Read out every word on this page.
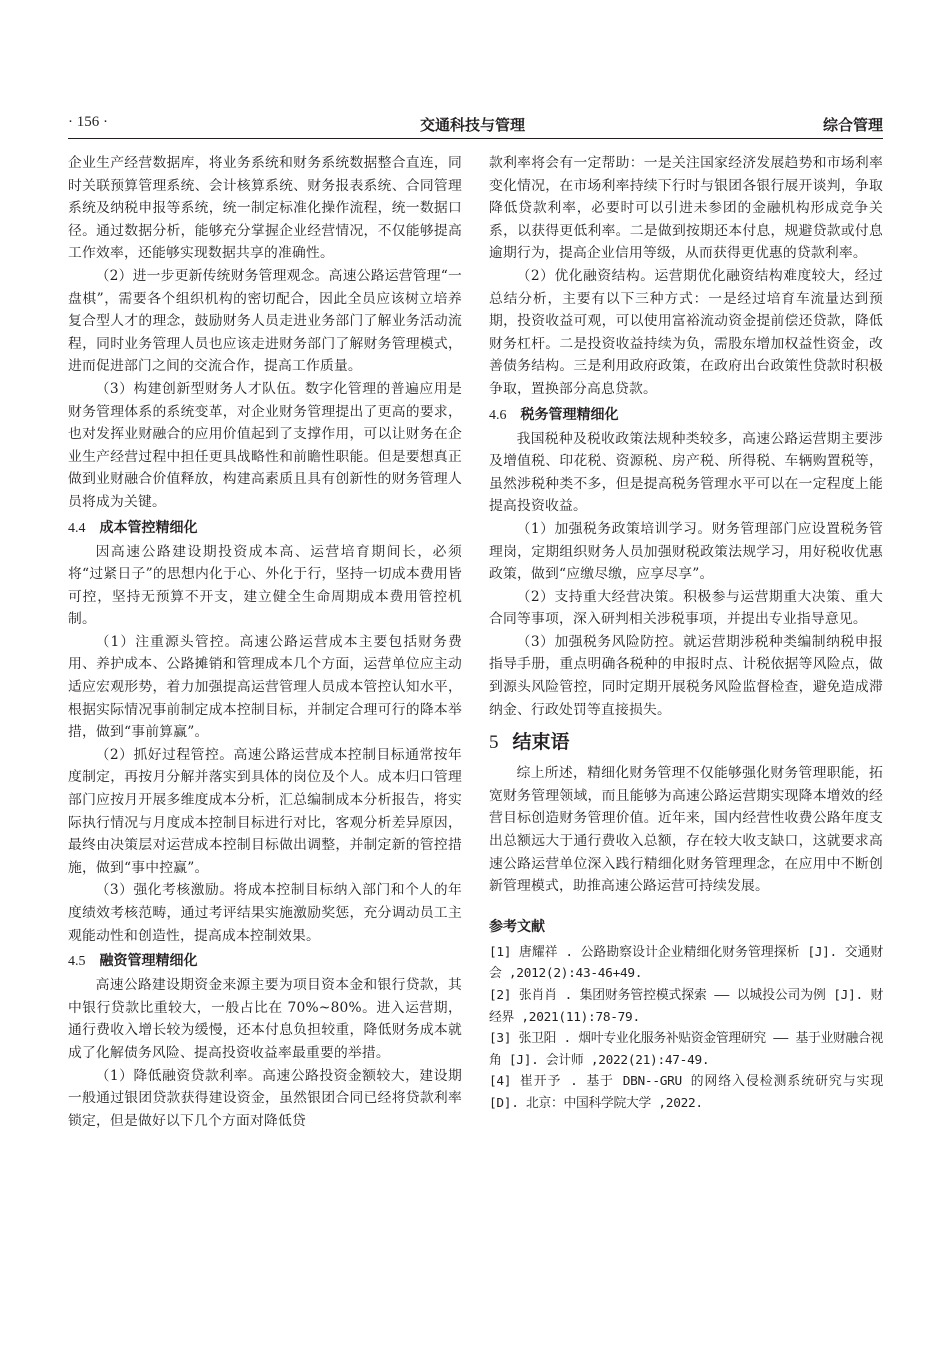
· 156 ·	交通科技与管理	综合管理

企业生产经营数据库，将业务系统和财务系统数据整合直连，同时关联预算管理系统、会计核算系统、财务报表系统、合同管理系统及纳税申报等系统，统一制定标准化操作流程，统一数据口径。通过数据分析，能够充分掌握企业经营情况，不仅能够提高工作效率，还能够实现数据共享的准确性。

（2）进一步更新传统财务管理观念。高速公路运营管理“一盘棋”，需要各个组织机构的密切配合，因此全员应该树立培养复合型人才的理念，鼓励财务人员走进业务部门了解业务活动流程，同时业务管理人员也应该走进财务部门了解财务管理模式，进而促进部门之间的交流合作，提高工作质量。

（3）构建创新型财务人才队伍。数字化管理的普遍应用是财务管理体系的系统变革，对企业财务管理提出了更高的要求，也对发挥业财融合的应用价值起到了支撑作用，可以让财务在企业生产经营过程中担任更具战略性和前瞻性职能。但是要想真正做到业财融合价值释放，构建高素质且具有创新性的财务管理人员将成为关键。

4.4 成本管控精细化

因高速公路建设期投资成本高、运营培育期间长，必须将“过紧日子”的思想内化于心、外化于行，坚持一切成本费用皆可控，坚持无预算不开支，建立健全生命周期成本费用管控机制。

（1）注重源头管控。高速公路运营成本主要包括财务费用、养护成本、公路摊销和管理成本几个方面，运营单位应主动适应宏观形势，着力加强提高运营管理人员成本管控认知水平，根据实际情况事前制定成本控制目标，并制定合理可行的降本举措，做到“事前算赢”。

（2）抓好过程管控。高速公路运营成本控制目标通常按年度制定，再按月分解并落实到具体的岗位及个人。成本归口管理部门应按月开展多维度成本分析，汇总编制成本分析报告，将实际执行情况与月度成本控制目标进行对比，客观分析差异原因，最终由决策层对运营成本控制目标做出调整，并制定新的管控措施，做到“事中控赢”。

（3）强化考核激励。将成本控制目标纳入部门和个人的年度绩效考核范畴，通过考评结果实施激励奖惩，充分调动员工主观能动性和创造性，提高成本控制效果。

4.5 融资管理精细化

高速公路建设期资金来源主要为项目资本金和银行贷款，其中银行贷款比重较大，一般占比在 70%~80%。进入运营期，通行费收入增长较为缓慢，还本付息负担较重，降低财务成本就成了化解债务风险、提高投资收益率最重要的举措。

（1）降低融资贷款利率。高速公路投资金额较大，建设期一般通过银团贷款获得建设资金，虽然银团合同已经将贷款利率锁定，但是做好以下几个方面对降低贷

款利率将会有一定帮助：一是关注国家经济发展趋势和市场利率变化情况，在市场利率持续下行时与银团各银行展开谈判，争取降低贷款利率，必要时可以引进未参团的金融机构形成竞争关系，以获得更低利率。二是做到按期还本付息，规避贷款或付息逾期行为，提高企业信用等级，从而获得更优惠的贷款利率。

（2）优化融资结构。运营期优化融资结构难度较大，经过总结分析，主要有以下三种方式：一是经过培育车流量达到预期，投资收益可观，可以使用富裕流动资金提前偿还贷款，降低财务杠杆。二是投资收益持续为负，需股东增加权益性资金，改善债务结构。三是利用政府政策，在政府出台政策性贷款时积极争取，置换部分高息贷款。

4.6 税务管理精细化

我国税种及税收政策法规种类较多，高速公路运营期主要涉及增值税、印花税、资源税、房产税、所得税、车辆购置税等，虽然涉税种类不多，但是提高税务管理水平可以在一定程度上能提高投资收益。

（1）加强税务政策培训学习。财务管理部门应设置税务管理岗，定期组织财务人员加强财税政策法规学习，用好税收优惠政策，做到“应缴尽缴，应享尽享”。

（2）支持重大经营决策。积极参与运营期重大决策、重大合同等事项，深入研判相关涉税事项，并提出专业指导意见。

（3）加强税务风险防控。就运营期涉税种类编制纳税申报指导手册，重点明确各税种的申报时点、计税依据等风险点，做到源头风险管控，同时定期开展税务风险监督检查，避免造成滞纳金、行政处罚等直接损失。

5 结束语

综上所述，精细化财务管理不仅能够强化财务管理职能，拓宽财务管理领域，而且能够为高速公路运营期实现降本增效的经营目标创造财务管理价值。近年来，国内经营性收费公路年度支出总额远大于通行费收入总额，存在较大收支缺口，这就要求高速公路运营单位深入践行精细化财务管理理念，在应用中不断创新管理模式，助推高速公路运营可持续发展。

参考文献

[1] 唐耀祥 . 公路勘察设计企业精细化财务管理探析 [J]. 交通财会 ,2012(2):43-46+49.

[2] 张肖肖 . 集团财务管控模式探索 —— 以城投公司为例 [J]. 财经界 ,2021(11):78-79.

[3] 张卫阳 . 烟叶专业化服务补贴资金管理研究 —— 基于业财融合视角 [J]. 会计师 ,2022(21):47-49.

[4] 崔开予 . 基于 DBN--GRU 的网络入侵检测系统研究与实现 [D]. 北京：中国科学院大学 ,2022.
